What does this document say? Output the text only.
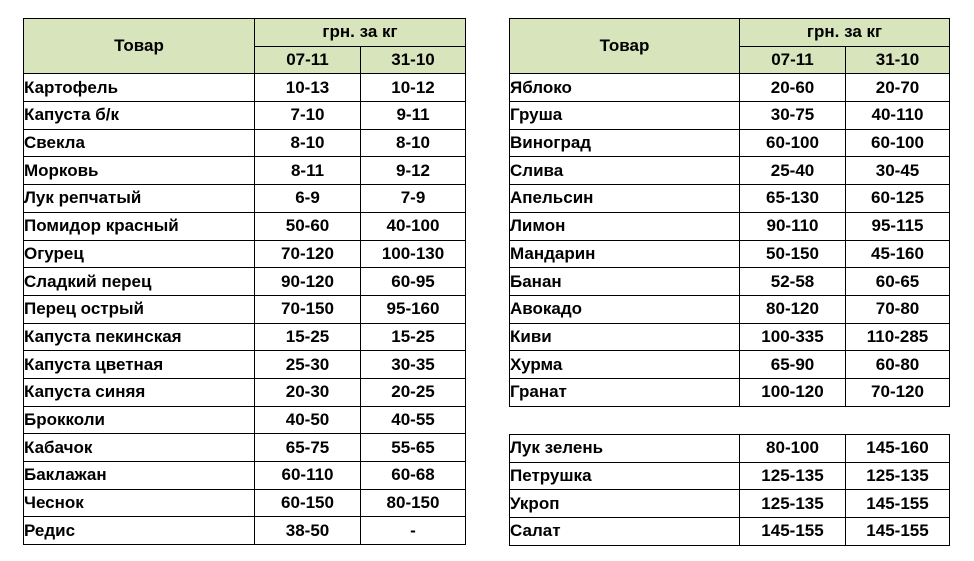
Товар	грн. за кг	
	07-11	31-10
Картофель	10-13	10-12
Капуста б/к	7-10	9-11
Свекла	8-10	8-10
Морковь	8-11	9-12
Лук репчатый	6-9	7-9
Помидор красный	50-60	40-100
Огурец	70-120	100-130
Сладкий перец	90-120	60-95
Перец острый	70-150	95-160
Капуста пекинская	15-25	15-25
Капуста цветная	25-30	30-35
Капуста синяя	20-30	20-25
Брокколи	40-50	40-55
Кабачок	65-75	55-65
Баклажан	60-110	60-68
Чеснок	60-150	80-150
Редис	38-50	-
Товар	грн. за кг	
	07-11	31-10
Яблоко	20-60	20-70
Груша	30-75	40-110
Виноград	60-100	60-100
Слива	25-40	30-45
Апельсин	65-130	60-125
Лимон	90-110	95-115
Мандарин	50-150	45-160
Банан	52-58	60-65
Авокадо	80-120	70-80
Киви	100-335	110-285
Хурма	65-90	60-80
Гранат	100-120	70-120
Лук зелень	80-100	145-160
Петрушка	125-135	125-135
Укроп	125-135	145-155
Салат	145-155	145-155
